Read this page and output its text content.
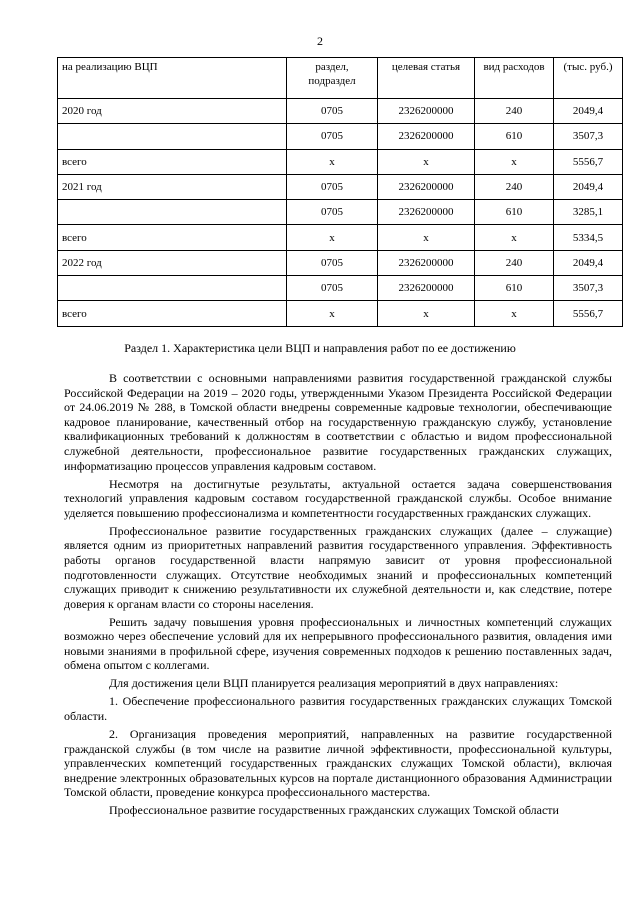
2
на реализацию ВЦП	раздел, подраздел	целевая статья	вид расходов	(тыс. руб.)
2020 год	0705	2326200000	240	2049,4
	0705	2326200000	610	3507,3
всего	х	х	х	5556,7
2021 год	0705	2326200000	240	2049,4
	0705	2326200000	610	3285,1
всего	х	х	х	5334,5
2022 год	0705	2326200000	240	2049,4
	0705	2326200000	610	3507,3
всего	х	х	х	5556,7
Раздел 1. Характеристика цели ВЦП и направления работ по ее достижению

В соответствии с основными направлениями развития государственной гражданской службы Российской Федерации на 2019 – 2020 годы, утвержденными Указом Президента Российской Федерации от 24.06.2019 № 288, в Томской области внедрены современные кадровые технологии, обеспечивающие кадровое планирование, качественный отбор на государственную гражданскую службу, установление квалификационных требований к должностям в соответствии с областью и видом профессиональной служебной деятельности, профессиональное развитие государственных гражданских служащих, информатизацию процессов управления кадровым составом.

Несмотря на достигнутые результаты, актуальной остается задача совершенствования технологий управления кадровым составом государственной гражданской службы. Особое внимание уделяется повышению профессионализма и компетентности государственных гражданских служащих.

Профессиональное развитие государственных гражданских служащих (далее – служащие) является одним из приоритетных направлений развития государственного управления. Эффективность работы органов государственной власти напрямую зависит от уровня профессиональной подготовленности служащих. Отсутствие необходимых знаний и профессиональных компетенций служащих приводит к снижению результативности их служебной деятельности и, как следствие, потере доверия к органам власти со стороны населения.

Решить задачу повышения уровня профессиональных и личностных компетенций служащих возможно через обеспечение условий для их непрерывного профессионального развития, овладения ими новыми знаниями в профильной сфере, изучения современных подходов к решению поставленных задач, обмена опытом с коллегами.

Для достижения цели ВЦП планируется реализация мероприятий в двух направлениях:

1. Обеспечение профессионального развития государственных гражданских служащих Томской области.

2. Организация проведения мероприятий, направленных на развитие государственной гражданской службы (в том числе на развитие личной эффективности, профессиональной культуры, управленческих компетенций государственных гражданских служащих Томской области), включая внедрение электронных образовательных курсов на портале дистанционного образования Администрации Томской области, проведение конкурса профессионального мастерства.

Профессиональное развитие государственных гражданских служащих Томской области
